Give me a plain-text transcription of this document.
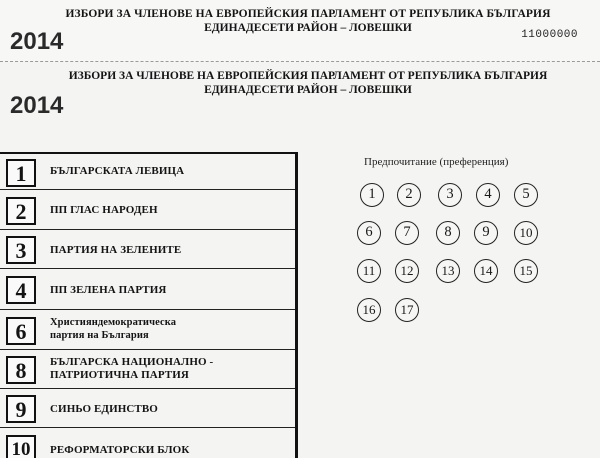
ИЗБОРИ ЗА ЧЛЕНОВЕ НА ЕВРОПЕЙСКИЯ ПАРЛАМЕНТ ОТ РЕПУБЛИКА БЪЛГАРИЯ
ЕДИНАДЕСЕТИ РАЙОН – ЛОВЕШКИ
2014	11000000
ИЗБОРИ ЗА ЧЛЕНОВЕ НА ЕВРОПЕЙСКИЯ ПАРЛАМЕНТ ОТ РЕПУБЛИКА БЪЛГАРИЯ
ЕДИНАДЕСЕТИ РАЙОН – ЛОВЕШКИ
2014
1	БЪЛГАРСКАТА ЛЕВИЦА
2	ПП ГЛАС НАРОДЕН
3	ПАРТИЯ НА ЗЕЛЕНИТЕ
4	ПП ЗЕЛЕНА ПАРТИЯ
6	Християндемократическа
партия на България
8	БЪЛГАРСКА НАЦИОНАЛНО -
ПАТРИОТИЧНА ПАРТИЯ
9	СИНЬО ЕДИНСТВО
10	РЕФОРМАТОРСКИ БЛОК
Предпочитание (преференция)
1	2	3	4	5
6	7	8	9	10
11	12	13	14	15
16	17
